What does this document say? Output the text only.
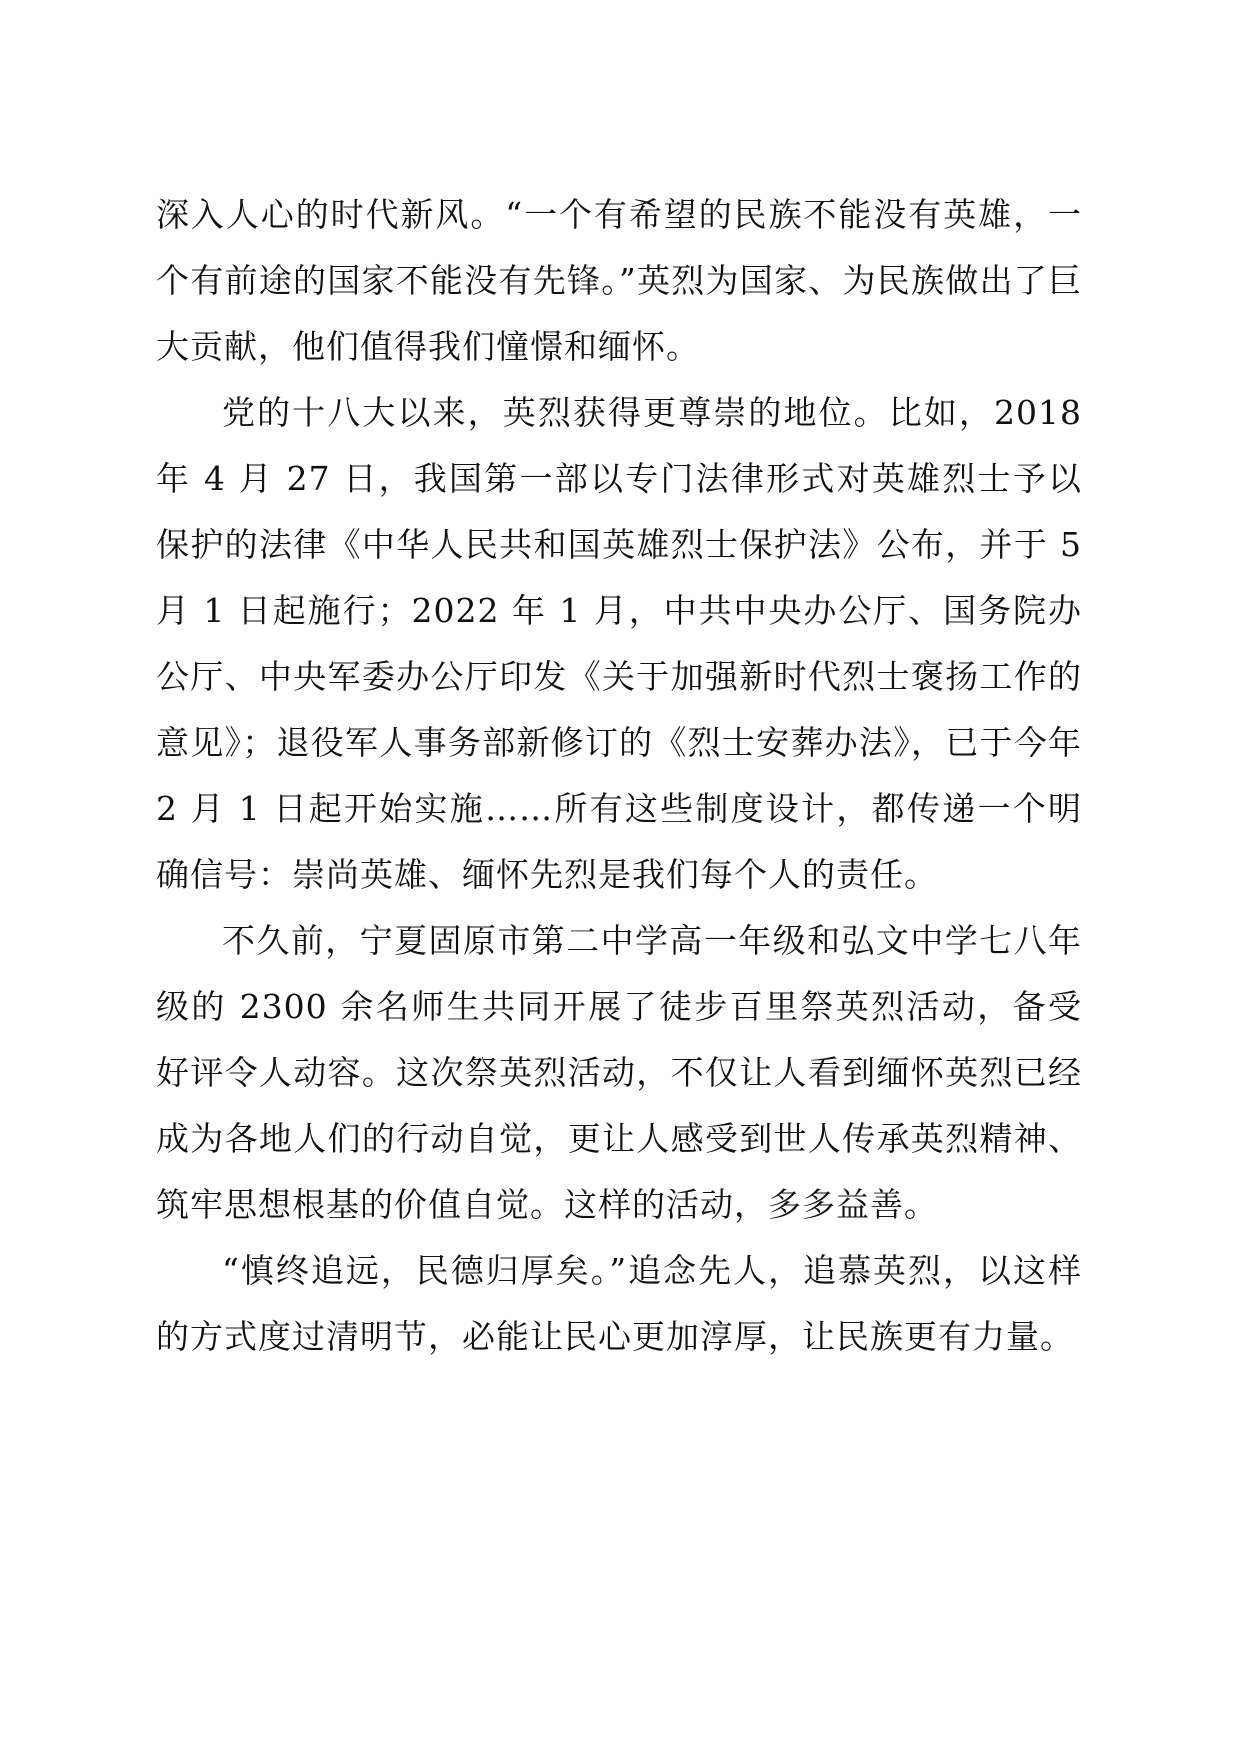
深入人心的时代新风。“一个有希望的民族不能没有英雄，一个有前途的国家不能没有先锋。”英烈为国家、为民族做出了巨大贡献，他们值得我们憧憬和缅怀。

党的十八大以来，英烈获得更尊崇的地位。比如，2018 年 4 月 27 日，我国第一部以专门法律形式对英雄烈士予以保护的法律《中华人民共和国英雄烈士保护法》公布，并于 5 月 1 日起施行；2022 年 1 月，中共中央办公厅、国务院办公厅、中央军委办公厅印发《关于加强新时代烈士褒扬工作的意见》；退役军人事务部新修订的《烈士安葬办法》，已于今年 2 月 1 日起开始实施……所有这些制度设计，都传递一个明确信号：崇尚英雄、缅怀先烈是我们每个人的责任。

不久前，宁夏固原市第二中学高一年级和弘文中学七八年级的 2300 余名师生共同开展了徒步百里祭英烈活动，备受好评令人动容。这次祭英烈活动，不仅让人看到缅怀英烈已经成为各地人们的行动自觉，更让人感受到世人传承英烈精神、筑牢思想根基的价值自觉。这样的活动，多多益善。

“慎终追远，民德归厚矣。”追念先人，追慕英烈，以这样的方式度过清明节，必能让民心更加淳厚，让民族更有力量。
